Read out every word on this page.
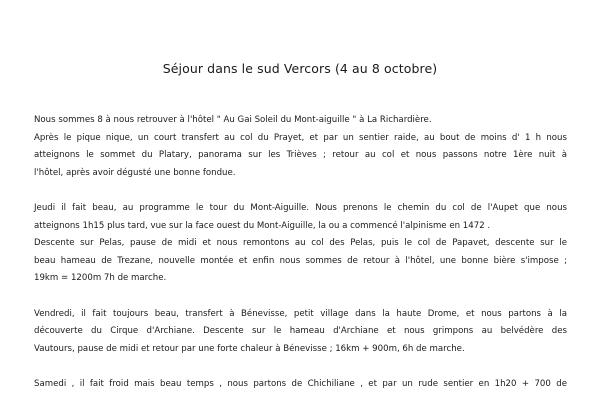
Séjour dans le sud Vercors (4 au 8 octobre)

Nous sommes 8 à nous retrouver à l'hôtel " Au Gai Soleil du Mont-aiguille " à La Richardière.
Après le pique nique, un court transfert au col du Prayet, et par un sentier raide, au bout de moins d' 1 h nous
atteignons le sommet du Platary, panorama sur les Trièves ; retour au col et nous passons notre 1ère nuit à
l'hôtel, après avoir dégusté une bonne fondue.

Jeudi il fait beau, au programme le tour du Mont-Aiguille. Nous prenons le chemin du col de l'Aupet que nous
atteignons 1h15 plus tard, vue sur la face ouest du Mont-Aiguille, la ou a commencé l'alpinisme en 1472 .
Descente sur Pelas, pause de midi et nous remontons au col des Pelas, puis le col de Papavet, descente sur le
beau hameau de Trezane, nouvelle montée et enfin nous sommes de retour à l'hôtel, une bonne bière s'impose ;
19km = 1200m 7h de marche.

Vendredi, il fait toujours beau, transfert à Bénevisse, petit village dans la haute Drome, et nous partons à la
découverte du Cirque d'Archiane. Descente sur le hameau d'Archiane et nous grimpons au belvédère des
Vautours, pause de midi et retour par une forte chaleur à Bénevisse ; 16km + 900m, 6h de marche.

Samedi , il fait froid mais beau temps , nous partons de Chichiliane , et par un rude sentier en 1h20 + 700 de
